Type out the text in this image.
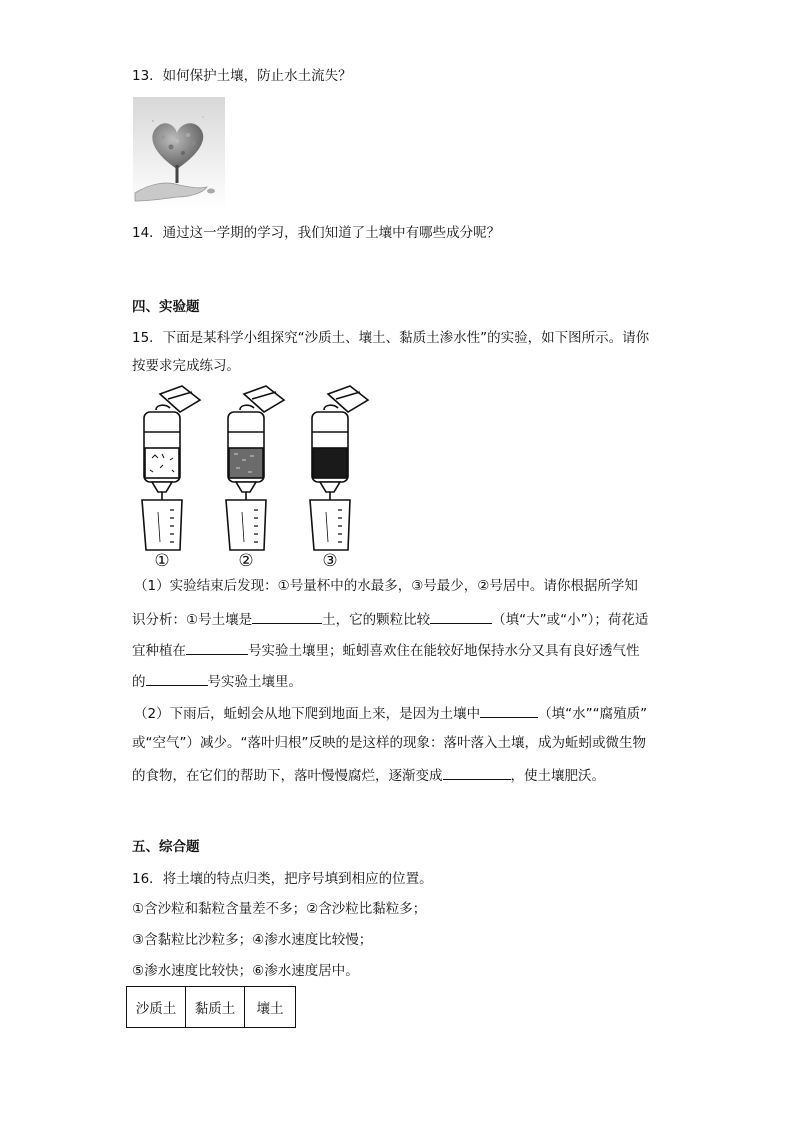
13．如何保护土壤，防止水土流失？
14．通过这一学期的学习，我们知道了土壤中有哪些成分呢？
四、实验题
15．下面是某科学小组探究“沙质土、壤土、黏质土渗水性”的实验，如下图所示。请你
按要求完成练习。
①	②	③
（1）实验结束后发现：①号量杯中的水最多，③号最少，②号居中。请你根据所学知
识分析：①号土壤是	土，它的颗粒比较	（填“大”或“小”）；荷花适
宜种植在	号实验土壤里；蚯蚓喜欢住在能较好地保持水分又具有良好透气性
的	号实验土壤里。
（2）下雨后，蚯蚓会从地下爬到地面上来，是因为土壤中	（填“水”“腐殖质”
或“空气”）减少。“落叶归根”反映的是这样的现象：落叶落入土壤，成为蚯蚓或微生物
的食物，在它们的帮助下，落叶慢慢腐烂，逐渐变成	，使土壤肥沃。
五、综合题
16．将土壤的特点归类，把序号填到相应的位置。
①含沙粒和黏粒含量差不多；②含沙粒比黏粒多；
③含黏粒比沙粒多；④渗水速度比较慢；
⑤渗水速度比较快；⑥渗水速度居中。
沙质土	黏质土	壤土
